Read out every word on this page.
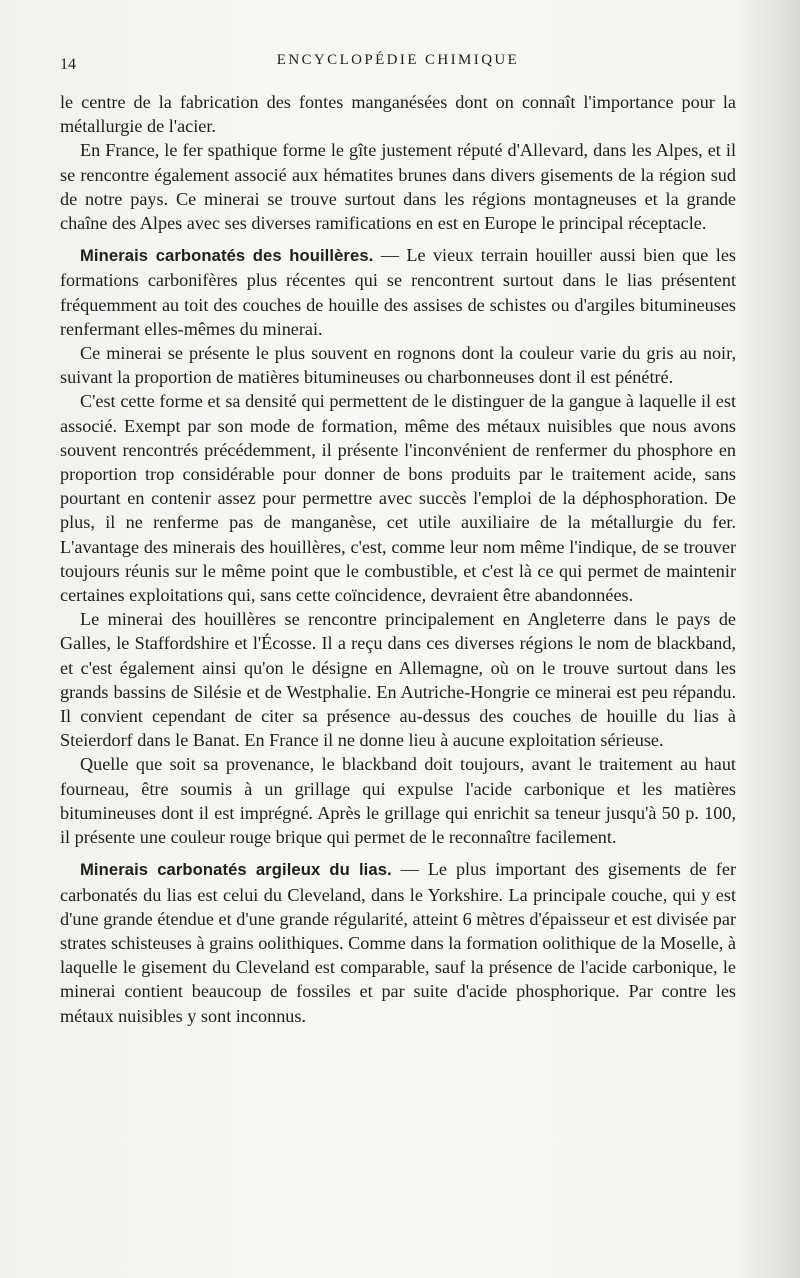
14	ENCYCLOPÉDIE CHIMIQUE

le centre de la fabrication des fontes manganésées dont on connaît l'importance pour la métallurgie de l'acier.

En France, le fer spathique forme le gîte justement réputé d'Allevard, dans les Alpes, et il se rencontre également associé aux hématites brunes dans divers gisements de la région sud de notre pays. Ce minerai se trouve surtout dans les régions montagneuses et la grande chaîne des Alpes avec ses diverses ramifications en est en Europe le principal réceptacle.

Minerais carbonatés des houillères. — Le vieux terrain houiller aussi bien que les formations carbonifères plus récentes qui se rencontrent surtout dans le lias présentent fréquemment au toit des couches de houille des assises de schistes ou d'argiles bitumineuses renfermant elles-mêmes du minerai.

Ce minerai se présente le plus souvent en rognons dont la couleur varie du gris au noir, suivant la proportion de matières bitumineuses ou charbonneuses dont il est pénétré.

C'est cette forme et sa densité qui permettent de le distinguer de la gangue à laquelle il est associé. Exempt par son mode de formation, même des métaux nuisibles que nous avons souvent rencontrés précédemment, il présente l'inconvénient de renfermer du phosphore en proportion trop considérable pour donner de bons produits par le traitement acide, sans pourtant en contenir assez pour permettre avec succès l'emploi de la déphosphoration. De plus, il ne renferme pas de manganèse, cet utile auxiliaire de la métallurgie du fer. L'avantage des minerais des houillères, c'est, comme leur nom même l'indique, de se trouver toujours réunis sur le même point que le combustible, et c'est là ce qui permet de maintenir certaines exploitations qui, sans cette coïncidence, devraient être abandonnées.

Le minerai des houillères se rencontre principalement en Angleterre dans le pays de Galles, le Staffordshire et l'Écosse. Il a reçu dans ces diverses régions le nom de blackband, et c'est également ainsi qu'on le désigne en Allemagne, où on le trouve surtout dans les grands bassins de Silésie et de Westphalie. En Autriche-Hongrie ce minerai est peu répandu. Il convient cependant de citer sa présence au-dessus des couches de houille du lias à Steierdorf dans le Banat. En France il ne donne lieu à aucune exploitation sérieuse.

Quelle que soit sa provenance, le blackband doit toujours, avant le traitement au haut fourneau, être soumis à un grillage qui expulse l'acide carbonique et les matières bitumineuses dont il est imprégné. Après le grillage qui enrichit sa teneur jusqu'à 50 p. 100, il présente une couleur rouge brique qui permet de le reconnaître facilement.

Minerais carbonatés argileux du lias. — Le plus important des gisements de fer carbonatés du lias est celui du Cleveland, dans le Yorkshire. La principale couche, qui y est d'une grande étendue et d'une grande régularité, atteint 6 mètres d'épaisseur et est divisée par strates schisteuses à grains oolithiques. Comme dans la formation oolithique de la Moselle, à laquelle le gisement du Cleveland est comparable, sauf la présence de l'acide carbonique, le minerai contient beaucoup de fossiles et par suite d'acide phosphorique. Par contre les métaux nuisibles y sont inconnus.
